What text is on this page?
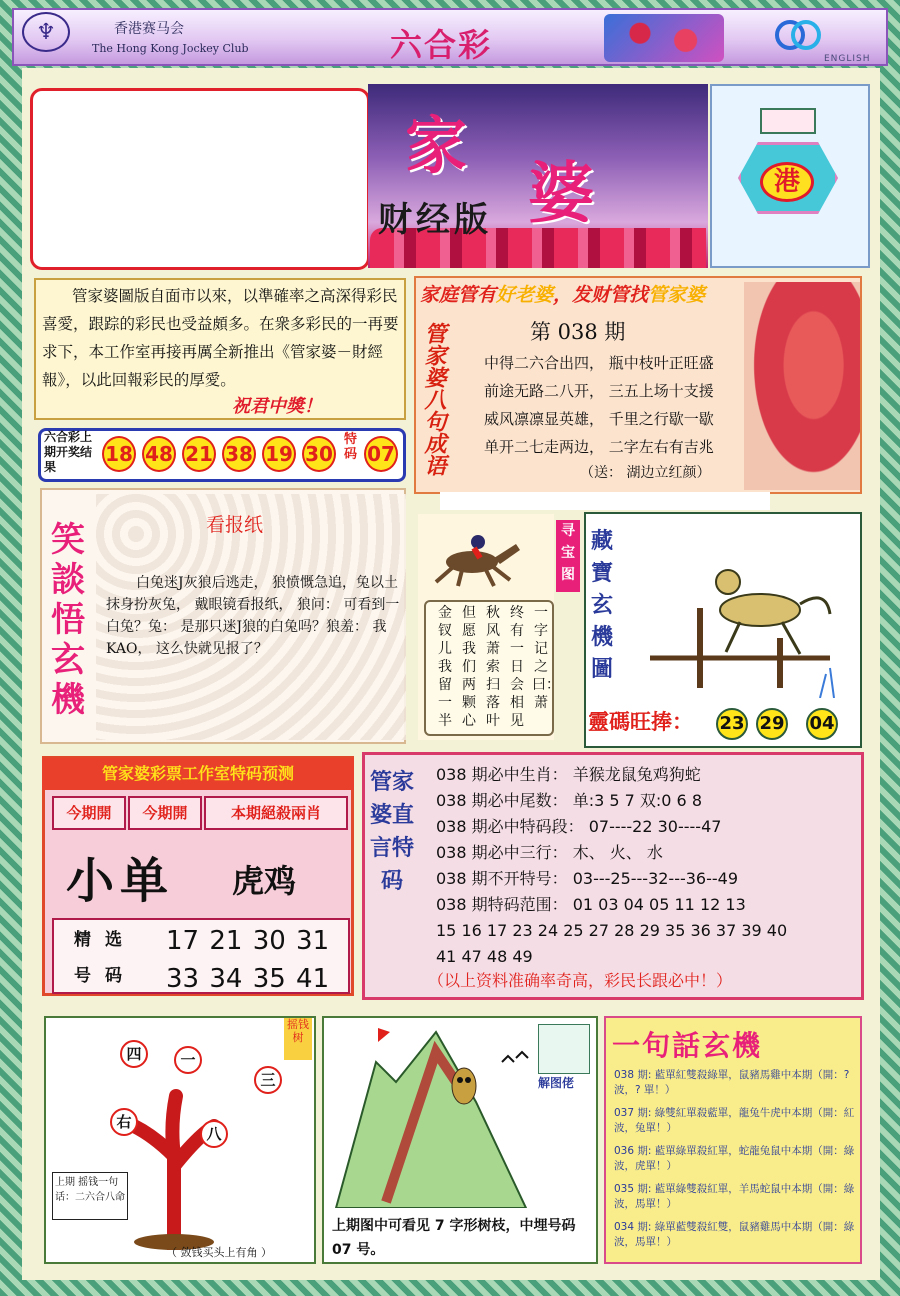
♆	香港赛马会
The Hong Kong Jockey Club	六合彩	ENGLISH
家
婆
财经版
港
管家婆圖版自面市以來，以準確率之高深得彩民喜愛，跟踪的彩民也受益頗多。在衆多彩民的一再要求下，本工作室再接再厲全新推出《管家婆－財經報》，以此回報彩民的厚愛。
祝君中獎！
六合彩上期开奖结果
18 48 21 38 19 30
特码 07
家庭管有好老婆，发财管找管家婆
管家婆八句成语	第 038 期
中得二六合出四， 瓶中枝叶正旺盛
前途无路二八开， 三五上场十支援
威风凛凛显英雄， 千里之行歇一歇
单开二七走两边， 二字左右有吉兆
（送： 湖边立红颜）
笑談悟玄機
看报纸
白兔迷J灰狼后逃走， 狼愤慨急追，兔以土抹身扮灰兔， 戴眼镜看报纸， 狼问： 可看到一白兔？兔： 是那只迷J狼的白兔吗？狼羞： 我KAO， 这么快就见报了？
寻宝图
金钗儿我留一半
但愿我们两颗心
秋风萧索扫落叶
终有一日会相见
一字记之曰：萧
藏寶玄機圖
靈碼旺捧： 23 29 04
管家婆彩票工作室特码预测
今期開	今期開	本期絕殺兩肖
小单 虎鸡
精选号码
17 21 30 31
33 34 35 41
管家婆直言特码
038 期必中生肖： 羊猴龙鼠兔鸡狗蛇
038 期必中尾数： 单:3 5 7 双:0 6 8
038 期必中特码段： 07----22 30----47
038 期必中三行： 木、 火、 水
038 期不开特号： 03---25---32---36--49
038 期特码范围： 01 03 04 05 11 12 13
15 16 17 23 24 25 27 28 29 35 36 37 39 40
41 47 48 49
（以上资料准确率奇高，彩民长跟必中！）
摇钱树
四	一
三
右
八
上期 摇钱一句话：二六合八命
（ 敛钱买头上有角 ）
解图佬
上期图中可看见 7 字形树枝，中埋号码 07 号。
一句話玄機
038 期: 藍單紅雙殺綠單，鼠豬馬雞中本期（開：? 波，? 單！）
037 期: 綠雙紅單殺藍單，龍兔牛虎中本期（開：紅波，兔單！）
036 期: 藍單綠單殺紅單，蛇龍兔鼠中本期（開：綠波，虎單！）
035 期: 藍單綠雙殺紅單，羊馬蛇鼠中本期（開：綠波，馬單！）
034 期: 綠單藍雙殺紅雙，鼠豬雞馬中本期（開：綠波，馬單！）
